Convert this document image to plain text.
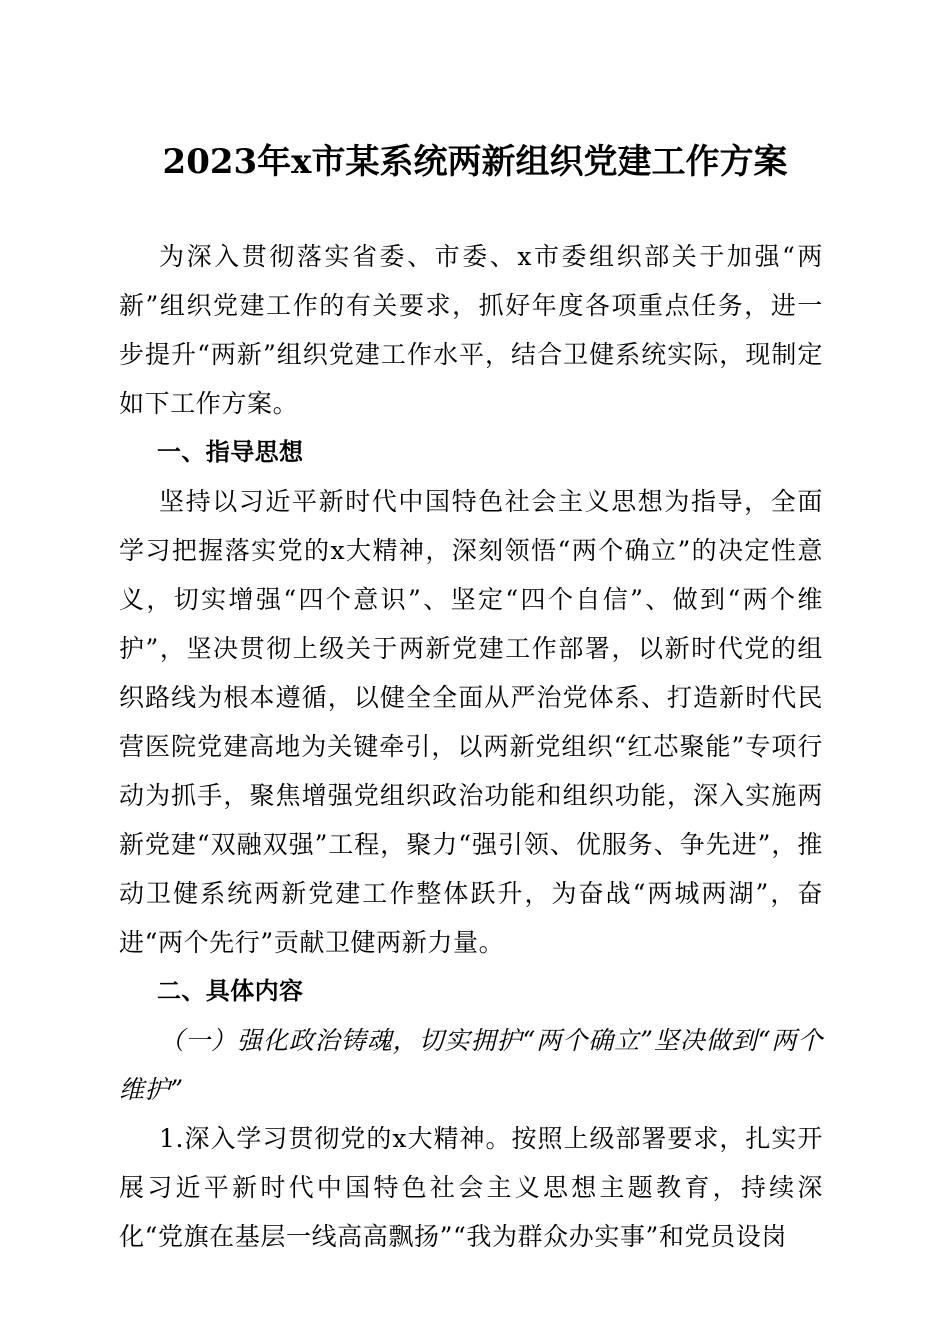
2023年x市某系统两新组织党建工作方案

为深入贯彻落实省委、市委、x市委组织部关于加强“两新”组织党建工作的有关要求，抓好年度各项重点任务，进一步提升“两新”组织党建工作水平，结合卫健系统实际，现制定如下工作方案。

一、指导思想

坚持以习近平新时代中国特色社会主义思想为指导，全面学习把握落实党的x大精神，深刻领悟“两个确立”的决定性意义，切实增强“四个意识”、坚定“四个自信”、做到“两个维护”，坚决贯彻上级关于两新党建工作部署，以新时代党的组织路线为根本遵循，以健全全面从严治党体系、打造新时代民营医院党建高地为关键牵引，以两新党组织“红芯聚能”专项行动为抓手，聚焦增强党组织政治功能和组织功能，深入实施两新党建“双融双强”工程，聚力“强引领、优服务、争先进”，推动卫健系统两新党建工作整体跃升，为奋战“两城两湖”，奋进“两个先行”贡献卫健两新力量。

二、具体内容

（一）强化政治铸魂，切实拥护“两个确立”坚决做到“两个维护”

1.深入学习贯彻党的x大精神。按照上级部署要求，扎实开展习近平新时代中国特色社会主义思想主题教育，持续深化“党旗在基层一线高高飘扬”“我为群众办实事”和党员设岗
